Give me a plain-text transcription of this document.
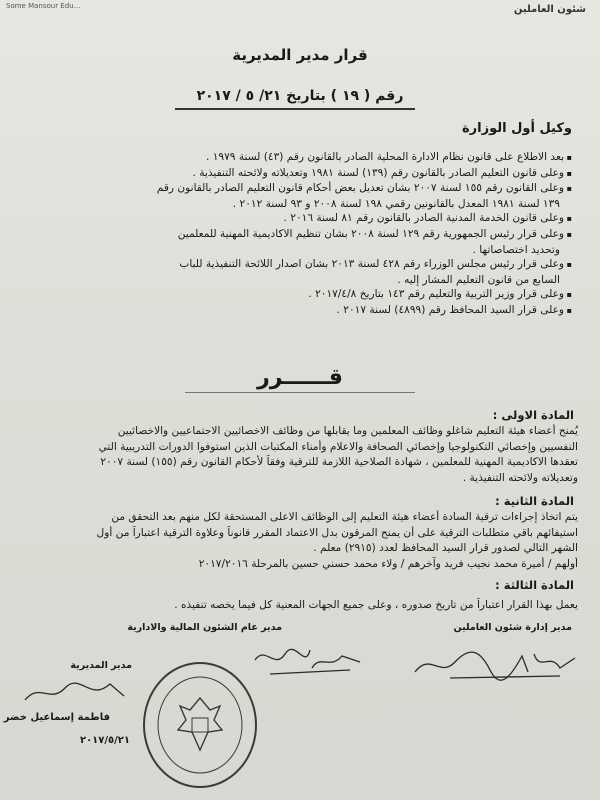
Some Mansour Edu...	شئون العاملين
قرار مدير المديرية
رقم ( ١٩ ) بتاريخ ٢١/ ٥ / ٢٠١٧
وكيل أول الوزارة
▪ بعد الاطلاع على قانون نظام الادارة المحلية الصادر بالقانون رقم (٤٣) لسنة ١٩٧٩ .
▪ وعلى قانون التعليم الصادر بالقانون رقم (١٣٩) لسنة ١٩٨١ وتعديلاته ولائحته التنفيذية .
▪ وعلى القانون رقم ١٥٥ لسنة ٢٠٠٧ بشان تعديل بعض أحكام قانون التعليم الصادر بالقانون رقم
١٣٩ لسنة ١٩٨١ المعدل بالقانونين رقمي ١٩٨ لسنة ٢٠٠٨ و ٩٣ لسنة ٢٠١٢ .
▪ وعلى قانون الخدمة المدنية الصادر بالقانون رقم ٨١ لسنة ٢٠١٦ .
▪ وعلى قرار رئيس الجمهورية رقم ١٢٩ لسنة ٢٠٠٨ بشان تنظيم الاكاديمية المهنية للمعلمين
وتحديد اختصاصاتها .
▪ وعلى قرار رئيس مجلس الوزراء رقم ٤٢٨ لسنة ٢٠١٣ بشان اصدار اللائحة التنفيذية للباب
السابع من قانون التعليم المشار إليه .
▪ وعلى قرار وزير التربية والتعليم رقم ١٤٣ بتاريخ ٢٠١٧/٤/٨ .
▪ وعلى قرار السيد المحافظ رقم (٤٨٩٩) لسنة ٢٠١٧ .
قــــــرر
المادة الاولى :
يُمنح أعضاء هيئة التعليم شاغلو وظائف المعلمين وما يقابلها من وظائف الاخصائيين الاجتماعيين والاخصائيين
النفسيين وإخصائي التكنولوجيا وإخصائي الصحافة والاعلام وأمناء المكتبات الذين استوفوا الدورات التدريبية التي
تعقدها الاكاديمية المهنية للمعلمين ، شهادة الصلاحية اللازمة للترقية وفقاً لأحكام القانون رقم (١٥٥) لسنة ٢٠٠٧
وتعديلاته ولائحته التنفيذية .
المادة الثانية :
يتم اتخاذ إجراءات ترقية السادة أعضاء هيئة التعليم إلى الوظائف الاعلى المستحقة لكل منهم بعد التحقق من
استيفائهم باقي متطلبات الترقية على أن يمنح المرقون بدل الاعتماد المقرر قانوناً وعلاوة الترقية اعتباراً من أول
الشهر التالي لصدور قرار السيد المحافظ لعدد (٢٩١٥) معلم .
أولهم / أميرة محمد نجيب فريد وآخرهم / ولاء محمد حسني حسين بالمرحلة ٢٠١٧/٢٠١٦
المادة الثالثة :
يعمل بهذا القرار اعتباراً من تاريخ صدوره ، وعلى جميع الجهات المعنية كل فيما يخصه تنفيذه .
مدير إدارة شئون العاملين
مدير عام الشئون المالية والادارية
مدير المديرية
فاطمة إسماعيل خضر
٢٠١٧/٥/٢١
